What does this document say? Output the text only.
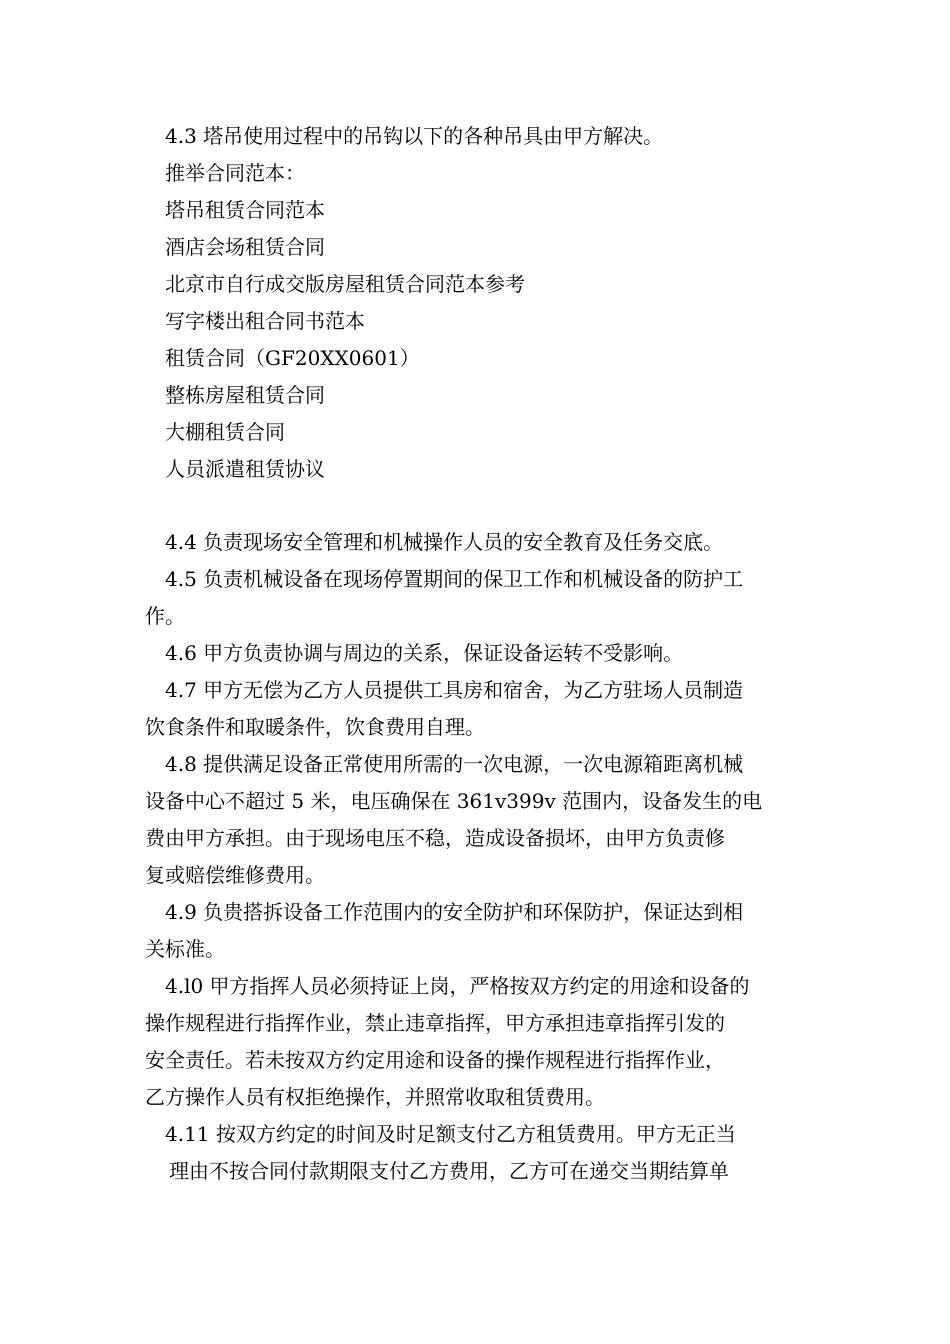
4.3 塔吊使用过程中的吊钩以下的各种吊具由甲方解决。
推举合同范本：
塔吊租赁合同范本
酒店会场租赁合同
北京市自行成交版房屋租赁合同范本参考
写字楼出租合同书范本
租赁合同（GF20XX0601）
整栋房屋租赁合同
大棚租赁合同
人员派遣租赁协议
4.4 负责现场安全管理和机械操作人员的安全教育及任务交底。
4.5 负责机械设备在现场停置期间的保卫工作和机械设备的防护工
作。
4.6 甲方负责协调与周边的关系，保证设备运转不受影响。
4.7 甲方无偿为乙方人员提供工具房和宿舍，为乙方驻场人员制造
饮食条件和取暖条件，饮食费用自理。
4.8 提供满足设备正常使用所需的一次电源，一次电源箱距离机械
设备中心不超过 5 米，电压确保在 361v399v 范围内，设备发生的电
费由甲方承担。由于现场电压不稳，造成设备损坏，由甲方负责修
复或赔偿维修费用。
4.9 负贵搭拆设备工作范围内的安全防护和环保防护，保证达到相
关标准。
4.l0 甲方指挥人员必须持证上岗，严格按双方约定的用途和设备的
操作规程进行指挥作业，禁止违章指挥，甲方承担违章指挥引发的
安全责任。若未按双方约定用途和设备的操作规程进行指挥作业，
乙方操作人员有权拒绝操作，并照常收取租赁费用。
4.11 按双方约定的时间及时足额支付乙方租赁费用。甲方无正当
理由不按合同付款期限支付乙方费用，乙方可在递交当期结算单
